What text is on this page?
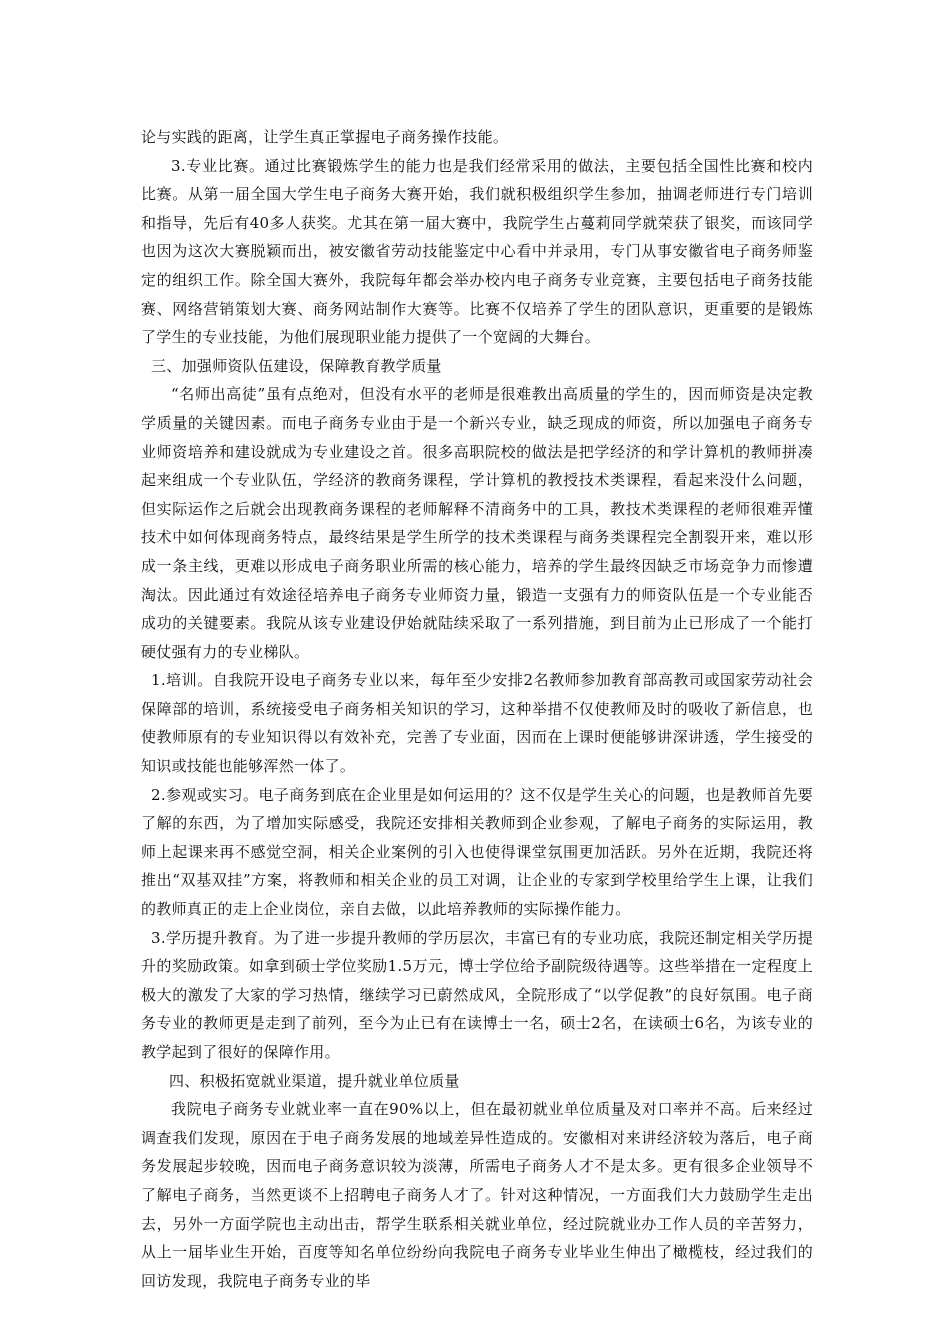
论与实践的距离，让学生真正掌握电子商务操作技能。

3.专业比赛。通过比赛锻炼学生的能力也是我们经常采用的做法，主要包括全国性比赛和校内比赛。从第一届全国大学生电子商务大赛开始，我们就积极组织学生参加，抽调老师进行专门培训和指导，先后有40多人获奖。尤其在第一届大赛中，我院学生占蔓莉同学就荣获了银奖，而该同学也因为这次大赛脱颖而出，被安徽省劳动技能鉴定中心看中并录用，专门从事安徽省电子商务师鉴定的组织工作。除全国大赛外，我院每年都会举办校内电子商务专业竞赛，主要包括电子商务技能赛、网络营销策划大赛、商务网站制作大赛等。比赛不仅培养了学生的团队意识，更重要的是锻炼了学生的专业技能，为他们展现职业能力提供了一个宽阔的大舞台。

三、加强师资队伍建设，保障教育教学质量

“名师出高徒”虽有点绝对，但没有水平的老师是很难教出高质量的学生的，因而师资是决定教学质量的关键因素。而电子商务专业由于是一个新兴专业，缺乏现成的师资，所以加强电子商务专业师资培养和建设就成为专业建设之首。很多高职院校的做法是把学经济的和学计算机的教师拼凑起来组成一个专业队伍，学经济的教商务课程，学计算机的教授技术类课程，看起来没什么问题，但实际运作之后就会出现教商务课程的老师解释不清商务中的工具，教技术类课程的老师很难弄懂技术中如何体现商务特点，最终结果是学生所学的技术类课程与商务类课程完全割裂开来，难以形成一条主线，更难以形成电子商务职业所需的核心能力，培养的学生最终因缺乏市场竞争力而惨遭淘汰。因此通过有效途径培养电子商务专业师资力量，锻造一支强有力的师资队伍是一个专业能否成功的关键要素。我院从该专业建设伊始就陆续采取了一系列措施，到目前为止已形成了一个能打硬仗强有力的专业梯队。

1.培训。自我院开设电子商务专业以来，每年至少安排2名教师参加教育部高教司或国家劳动社会保障部的培训，系统接受电子商务相关知识的学习，这种举措不仅使教师及时的吸收了新信息，也使教师原有的专业知识得以有效补充，完善了专业面，因而在上课时便能够讲深讲透，学生接受的知识或技能也能够浑然一体了。

2.参观或实习。电子商务到底在企业里是如何运用的？这不仅是学生关心的问题，也是教师首先要了解的东西，为了增加实际感受，我院还安排相关教师到企业参观，了解电子商务的实际运用，教师上起课来再不感觉空洞，相关企业案例的引入也使得课堂氛围更加活跃。另外在近期，我院还将推出“双基双挂”方案，将教师和相关企业的员工对调，让企业的专家到学校里给学生上课，让我们的教师真正的走上企业岗位，亲自去做，以此培养教师的实际操作能力。

3.学历提升教育。为了进一步提升教师的学历层次，丰富已有的专业功底，我院还制定相关学历提升的奖励政策。如拿到硕士学位奖励1.5万元，博士学位给予副院级待遇等。这些举措在一定程度上极大的激发了大家的学习热情，继续学习已蔚然成风，全院形成了“以学促教”的良好氛围。电子商务专业的教师更是走到了前列，至今为止已有在读博士一名，硕士2名，在读硕士6名，为该专业的教学起到了很好的保障作用。

四、积极拓宽就业渠道，提升就业单位质量

我院电子商务专业就业率一直在90%以上，但在最初就业单位质量及对口率并不高。后来经过调查我们发现，原因在于电子商务发展的地域差异性造成的。安徽相对来讲经济较为落后，电子商务发展起步较晚，因而电子商务意识较为淡薄，所需电子商务人才不是太多。更有很多企业领导不了解电子商务，当然更谈不上招聘电子商务人才了。针对这种情况，一方面我们大力鼓励学生走出去，另外一方面学院也主动出击，帮学生联系相关就业单位，经过院就业办工作人员的辛苦努力，从上一届毕业生开始，百度等知名单位纷纷向我院电子商务专业毕业生伸出了橄榄枝，经过我们的回访发现，我院电子商务专业的毕
